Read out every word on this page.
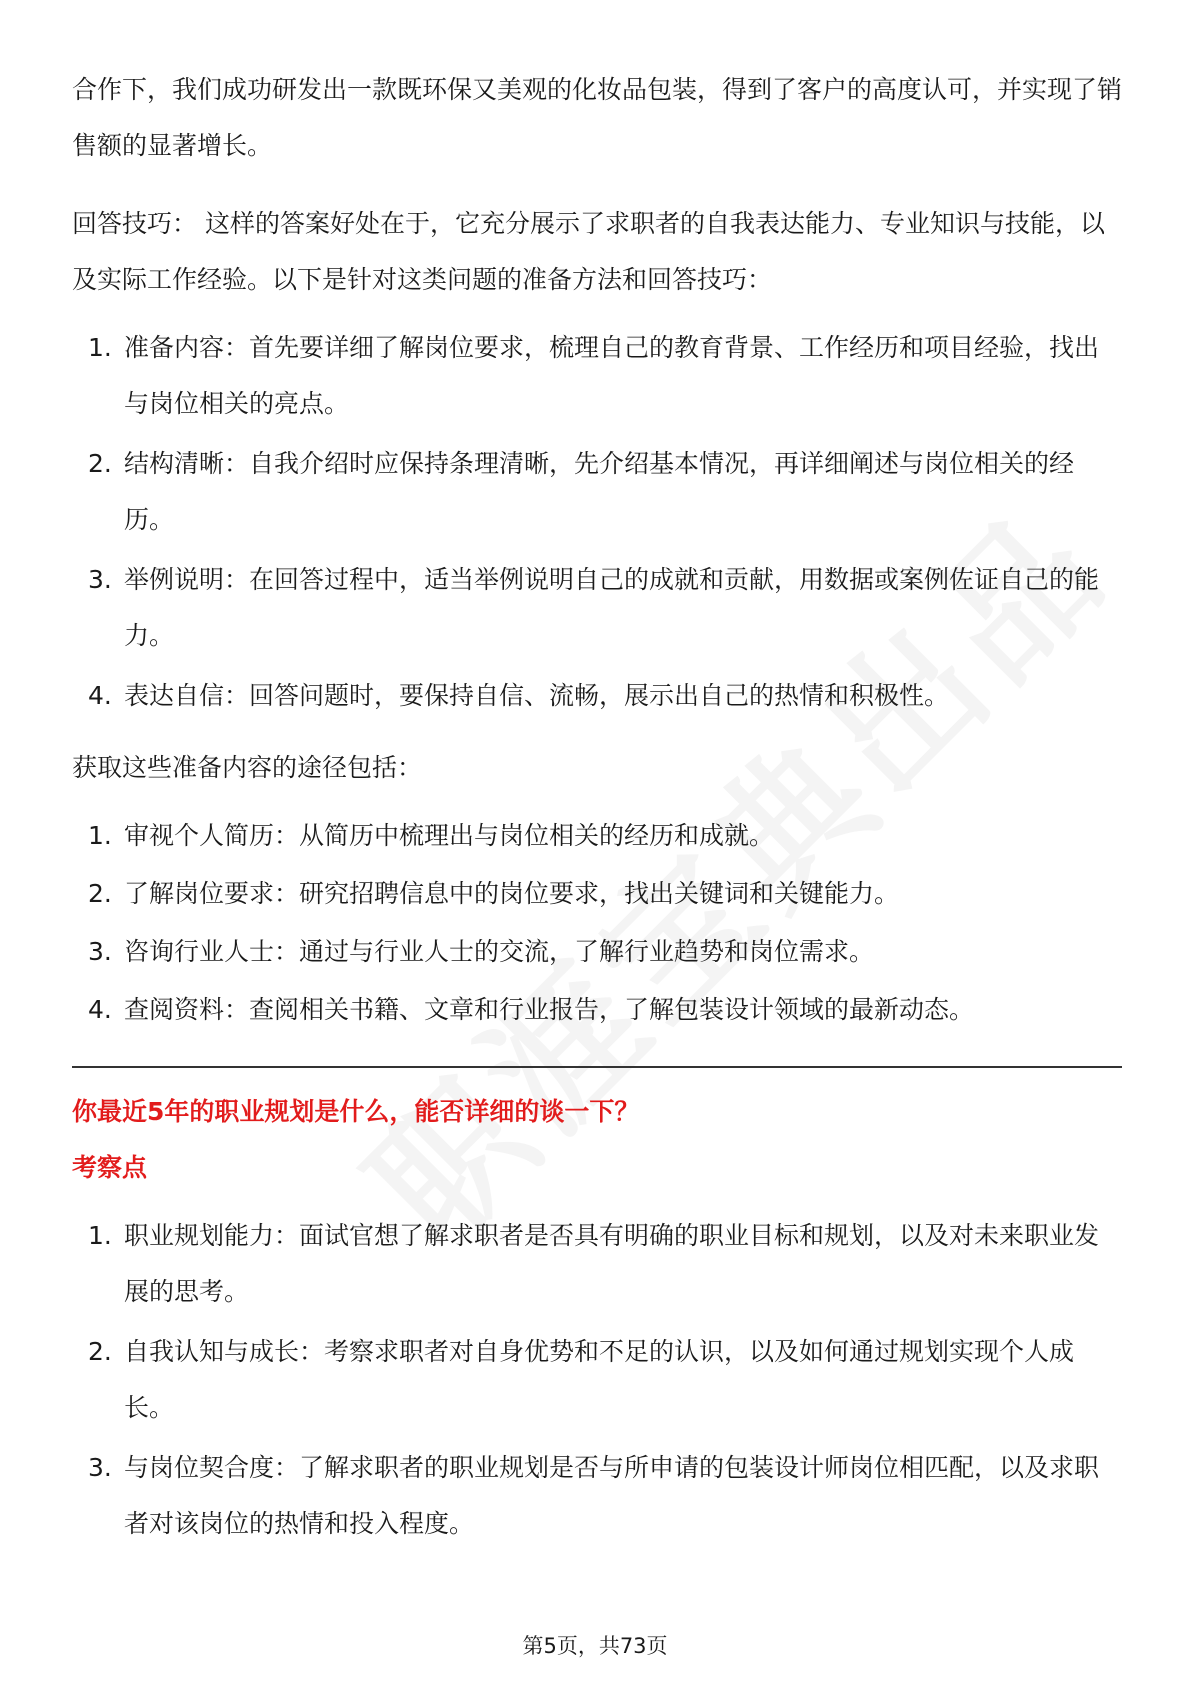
合作下，我们成功研发出一款既环保又美观的化妆品包装，得到了客户的高度认可，并实现了销售额的显著增长。

回答技巧： 这样的答案好处在于，它充分展示了求职者的自我表达能力、专业知识与技能，以及实际工作经验。以下是针对这类问题的准备方法和回答技巧：

1. 准备内容：首先要详细了解岗位要求，梳理自己的教育背景、工作经历和项目经验，找出与岗位相关的亮点。
2. 结构清晰：自我介绍时应保持条理清晰，先介绍基本情况，再详细阐述与岗位相关的经历。
3. 举例说明：在回答过程中，适当举例说明自己的成就和贡献，用数据或案例佐证自己的能力。
4. 表达自信：回答问题时，要保持自信、流畅，展示出自己的热情和积极性。

获取这些准备内容的途径包括：

1. 审视个人简历：从简历中梳理出与岗位相关的经历和成就。
2. 了解岗位要求：研究招聘信息中的岗位要求，找出关键词和关键能力。
3. 咨询行业人士：通过与行业人士的交流，了解行业趋势和岗位需求。
4. 查阅资料：查阅相关书籍、文章和行业报告，了解包装设计领域的最新动态。

你最近5年的职业规划是什么，能否详细的谈一下？

考察点

1. 职业规划能力：面试官想了解求职者是否具有明确的职业目标和规划，以及对未来职业发展的思考。
2. 自我认知与成长：考察求职者对自身优势和不足的认识，以及如何通过规划实现个人成长。
3. 与岗位契合度：了解求职者的职业规划是否与所申请的包装设计师岗位相匹配，以及求职者对该岗位的热情和投入程度。
第5页，共73页
